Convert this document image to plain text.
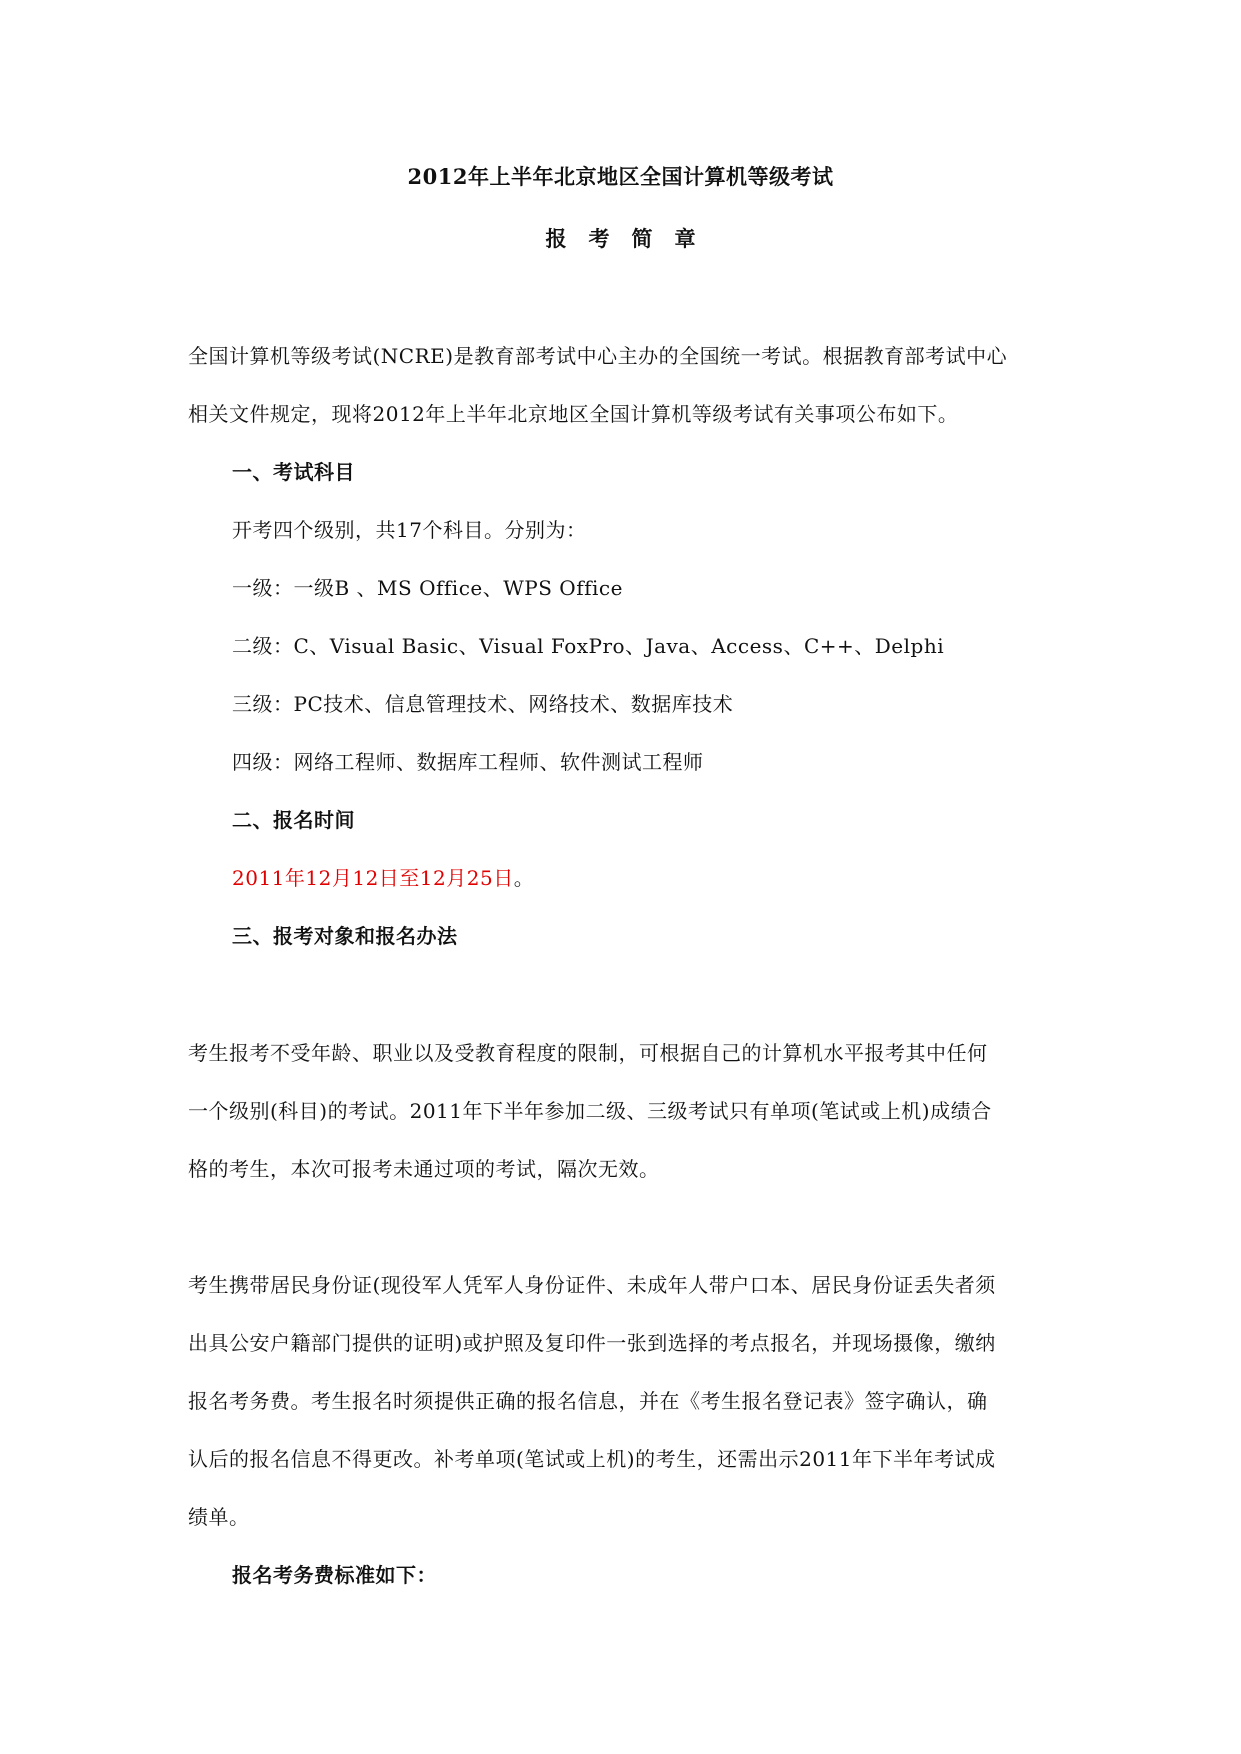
2012年上半年北京地区全国计算机等级考试
报考简章
全国计算机等级考试(NCRE)是教育部考试中心主办的全国统一考试。根据教育部考试中心
相关文件规定，现将2012年上半年北京地区全国计算机等级考试有关事项公布如下。
一、考试科目
开考四个级别，共17个科目。分别为：
一级：一级B 、MS Office、WPS Office
二级：C、Visual Basic、Visual FoxPro、Java、Access、C++、Delphi
三级：PC技术、信息管理技术、网络技术、数据库技术
四级：网络工程师、数据库工程师、软件测试工程师
二、报名时间
2011年12月12日至12月25日。
三、报考对象和报名办法
考生报考不受年龄、职业以及受教育程度的限制，可根据自己的计算机水平报考其中任何
一个级别(科目)的考试。2011年下半年参加二级、三级考试只有单项(笔试或上机)成绩合
格的考生，本次可报考未通过项的考试，隔次无效。
考生携带居民身份证(现役军人凭军人身份证件、未成年人带户口本、居民身份证丢失者须
出具公安户籍部门提供的证明)或护照及复印件一张到选择的考点报名，并现场摄像，缴纳
报名考务费。考生报名时须提供正确的报名信息，并在《考生报名登记表》签字确认，确
认后的报名信息不得更改。补考单项(笔试或上机)的考生，还需出示2011年下半年考试成
绩单。
报名考务费标准如下：
